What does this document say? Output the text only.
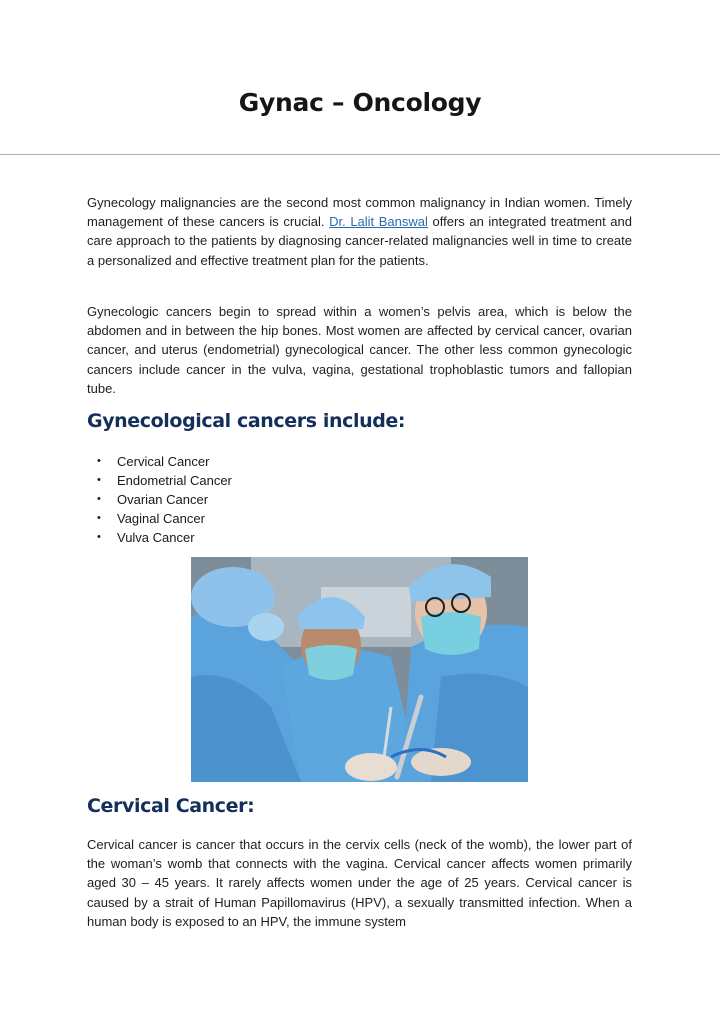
Gynac – Oncology

Gynecology malignancies are the second most common malignancy in Indian women. Timely management of these cancers is crucial. Dr. Lalit Banswal offers an integrated treatment and care approach to the patients by diagnosing cancer-related malignancies well in time to create a personalized and effective treatment plan for the patients.

Gynecologic cancers begin to spread within a women’s pelvis area, which is below the abdomen and in between the hip bones. Most women are affected by cervical cancer, ovarian cancer, and uterus (endometrial) gynecological cancer. The other less common gynecologic cancers include cancer in the vulva, vagina, gestational trophoblastic tumors and fallopian tube.

Gynecological cancers include:
• Cervical Cancer
• Endometrial Cancer
• Ovarian Cancer
• Vaginal Cancer
• Vulva Cancer
Cervical Cancer:

Cervical cancer is cancer that occurs in the cervix cells (neck of the womb), the lower part of the woman’s womb that connects with the vagina. Cervical cancer affects women primarily aged 30 – 45 years. It rarely affects women under the age of 25 years. Cervical cancer is caused by a strait of Human Papillomavirus (HPV), a sexually transmitted infection. When a human body is exposed to an HPV, the immune system
